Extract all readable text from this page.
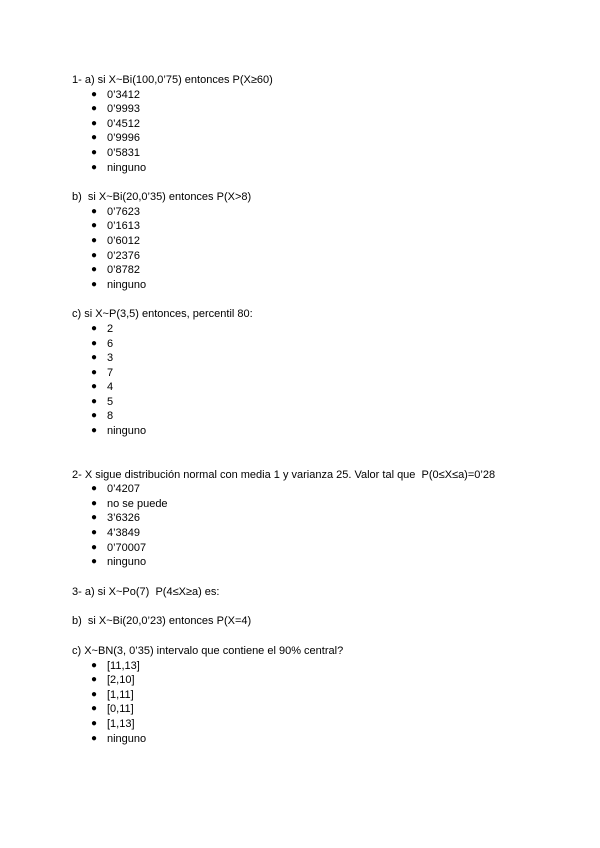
1- a) si X~Bi(100,0’75) entonces P(X≥60)
● 0’3412
● 0’9993
● 0’4512
● 0’9996
● 0’5831
● ninguno
b)  si X~Bi(20,0’35) entonces P(X>8)
● 0’7623
● 0’1613
● 0’6012
● 0’2376
● 0’8782
● ninguno
c) si X~P(3,5) entonces, percentil 80:
● 2
● 6
● 3
● 7
● 4
● 5
● 8
● ninguno
2- X sigue distribución normal con media 1 y varianza 25. Valor tal que  P(0≤X≤a)=0’28
● 0’4207
● no se puede
● 3’6326
● 4’3849
● 0’70007
● ninguno
3- a) si X~Po(7)  P(4≤X≥a) es:
b)  si X~Bi(20,0’23) entonces P(X=4)
c) X~BN(3, 0’35) intervalo que contiene el 90% central?
● [11,13]
● [2,10]
● [1,11]
● [0,11]
● [1,13]
● ninguno
